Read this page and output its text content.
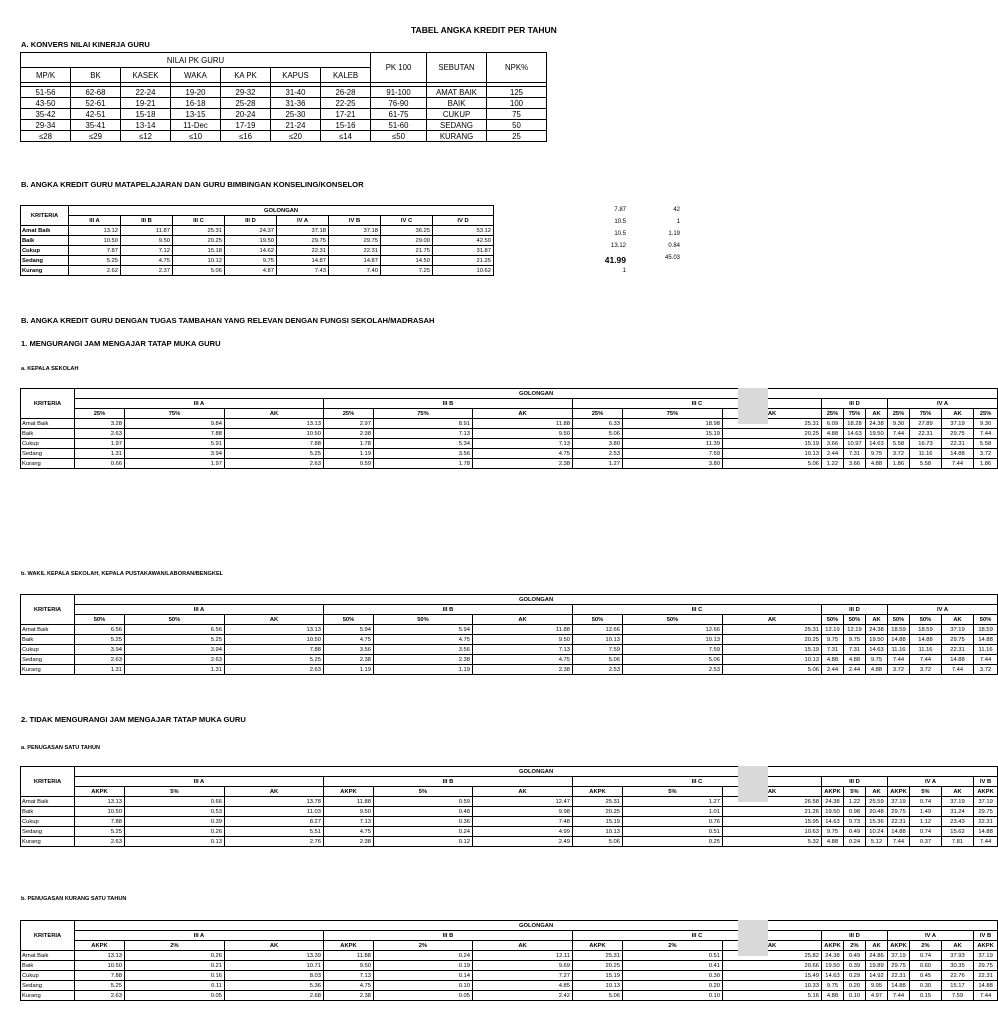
TABEL ANGKA KREDIT PER TAHUN
A. KONVERS NILAI KINERJA GURU
NILAI PK GURU							PK 100	SEBUTAN	NPK%
MP/K	BK	KASEK	WAKA	KA PK	KAPUS	KALEB			

51-56	62-68	22-24	19-20	29-32	31-40	26-28	91-100	AMAT BAIK	125
43-50	52-61	19-21	16-18	25-28	31-36	22-25	76-90	BAIK	100
35-42	42-51	15-18	13-15	20-24	25-30	17-21	61-75	CUKUP	75
29-34	35-41	13-14	11-Dec	17-19	21-24	15-16	51-60	SEDANG	50
≤28	≤29	≤12	≤10	≤16	≤20	≤14	≤50	KURANG	25
B. ANGKA KREDIT GURU MATAPELAJARAN DAN GURU BIMBINGAN KONSELING/KONSELOR
KRITERIA	GOLONGAN							
	III A	III B	III C	III D	IV A	IV B	IV C	IV D
Amat Baik	13.12	11.87	25.31	24.37	37.18	37.18	36.25	53.12
Baik	10.50	9.50	20.25	19.50	29.75	29.75	29.00	42.50
Cukup	7.87	7.12	15.18	14.62	22.31	22.31	21.75	31.87
Sedang	5.25	4.75	10.12	9.75	14.87	14.87	14.50	21.25
Kurang	2.62	2.37	5.06	4.87	7.43	7.40	7.25	10.62
7.87	42
10.5	1
10.5	1.19
13.12	0.84
41.99	45.03
1
B. ANGKA KREDIT GURU DENGAN TUGAS TAMBAHAN YANG RELEVAN DENGAN FUNGSI SEKOLAH/MADRASAH
1. MENGURANGI JAM MENGAJAR TATAP MUKA GURU
a. KEPALA SEKOLAH
KRITERIA	GOLONGAN															
	III A			III B			III C			III D			IV A			
	25%	75%	AK	25%	75%	AK	25%	75%	AK	25%	75%	AK	25%	75%	AK	25%
Amat Baik	3.28	9.84	13.13	2.97	8.91	11.88	6.33	18.98	25.31	6.09	18.28	24.38	9.30	27.89	37.19	9.30
Baik	2.63	7.88	10.50	2.38	7.13	9.50	5.06	15.19	20.25	4.88	14.63	19.50	7.44	22.31	29.75	7.44
Cukup	1.97	5.91	7.88	1.78	5.34	7.13	3.80	11.39	15.19	3.66	10.97	14.63	5.58	16.73	22.31	5.58
Sedang	1.31	3.94	5.25	1.19	3.56	4.75	2.53	7.59	10.13	2.44	7.31	9.75	3.72	11.16	14.88	3.72
Kurang	0.66	1.97	2.63	0.59	1.78	2.38	1.27	3.80	5.06	1.22	3.66	4.88	1.86	5.58	7.44	1.86
b. WAKIL KEPALA SEKOLAH, KEPALA PUSTAKAWAN/LABORAN/BENGKEL
KRITERIA	GOLONGAN															
	III A			III B			III C			III D			IV A			
	50%	50%	AK	50%	50%	AK	50%	50%	AK	50%	50%	AK	50%	50%	AK	50%
Amat Baik	6.56	6.56	13.13	5.94	5.94	11.88	12.66	12.66	25.31	12.19	12.19	24.38	18.59	18.59	37.19	18.59
Baik	5.25	5.25	10.50	4.75	4.75	9.50	10.13	10.13	20.25	9.75	9.75	19.50	14.88	14.88	29.75	14.88
Cukup	3.94	3.94	7.88	3.56	3.56	7.13	7.59	7.59	15.19	7.31	7.31	14.63	11.16	11.16	22.31	11.16
Sedang	2.63	2.63	5.25	2.38	2.38	4.75	5.06	5.06	10.13	4.88	4.88	9.75	7.44	7.44	14.88	7.44
Kurang	1.31	1.31	2.63	1.19	1.19	2.38	2.53	2.53	5.06	2.44	2.44	4.88	3.72	3.72	7.44	3.72
2. TIDAK MENGURANGI JAM MENGAJAR TATAP MUKA GURU
a. PENUGASAN SATU TAHUN
KRITERIA	GOLONGAN															
	III A			III B			III C			III D			IV A			IV B
	AKPK	5%	AK	AKPK	5%	AK	AKPK	5%	AK	AKPK	5%	AK	AKPK	5%	AK	AKPK
Amat Baik	13.13	0.66	13.78	11.88	0.59	12.47	25.31	1.27	26.58	24.38	1.22	25.59	37.19	0.74	37.19	37.19
Baik	10.50	0.53	11.03	9.50	0.48	9.98	20.25	1.01	21.26	19.50	0.98	20.48	29.75	1.49	31.24	29.75
Cukup	7.88	0.39	8.27	7.13	0.36	7.48	15.19	0.76	15.95	14.63	0.73	15.36	22.31	1.12	23.43	22.31
Sedang	5.25	0.26	5.51	4.75	0.24	4.99	10.13	0.51	10.63	9.75	0.49	10.24	14.88	0.74	15.62	14.88
Kurang	2.63	0.13	2.76	2.38	0.12	2.49	5.06	0.25	5.32	4.88	0.24	5.12	7.44	0.37	7.81	7.44
b. PENUGASAN KURANG SATU TAHUN
KRITERIA	GOLONGAN															
	III A			III B			III C			III D			IV A			IV B
	AKPK	2%	AK	AKPK	2%	AK	AKPK	2%	AK	AKPK	2%	AK	AKPK	2%	AK	AKPK
Amat Baik	13.13	0.26	13.39	11.88	0.24	12.11	25.31	0.51	25.82	24.38	0.49	24.86	37.19	0.74	37.93	37.19
Baik	10.50	0.21	10.71	9.50	0.19	9.69	20.25	0.41	20.66	19.50	0.39	19.89	29.75	0.60	30.35	29.75
Cukup	7.88	0.16	8.03	7.13	0.14	7.27	15.19	0.30	15.49	14.63	0.29	14.92	22.31	0.45	22.76	22.31
Sedang	5.25	0.11	5.36	4.75	0.10	4.85	10.13	0.20	10.33	9.75	0.20	9.95	14.88	0.30	15.17	14.88
Kurang	2.63	0.05	2.68	2.38	0.05	2.42	5.06	0.10	5.16	4.88	0.10	4.97	7.44	0.15	7.59	7.44
